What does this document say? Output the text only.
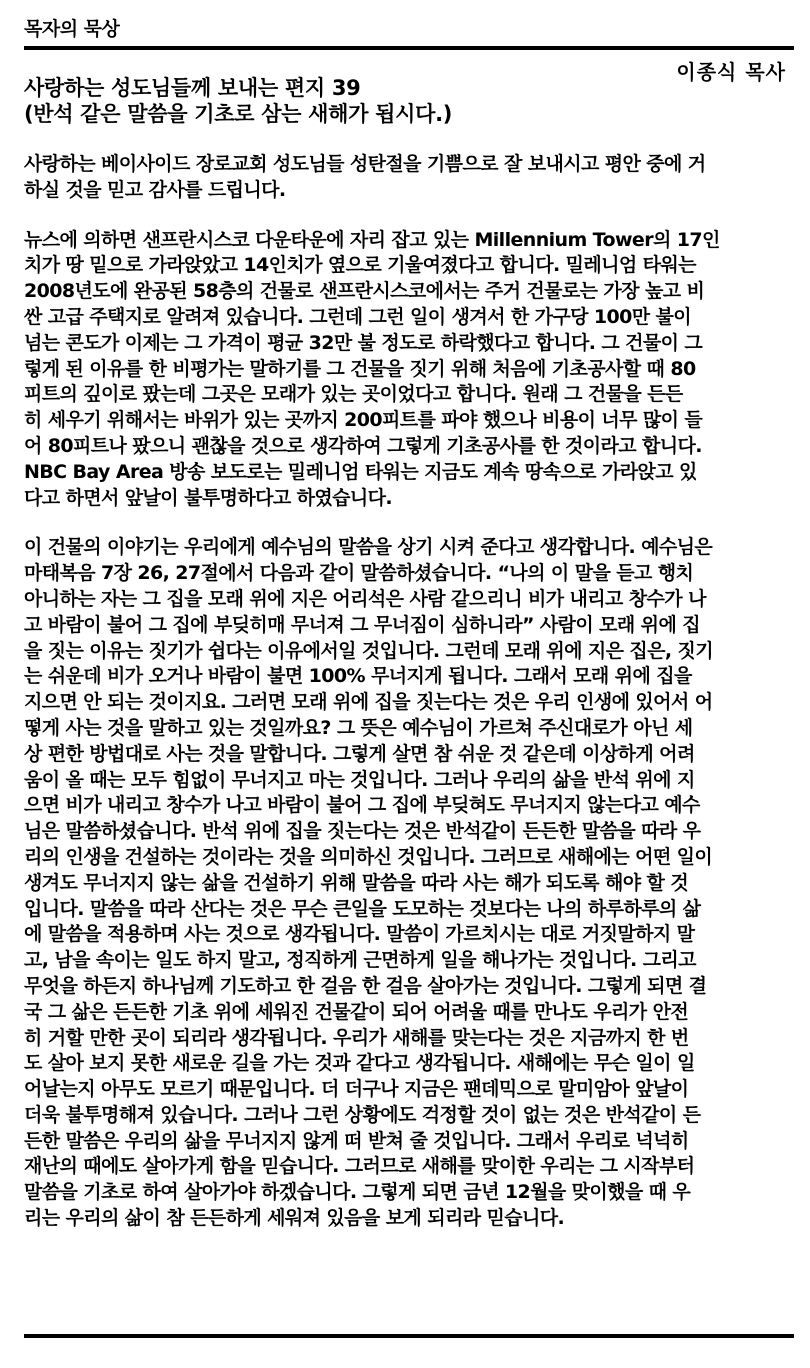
목자의 묵상
이종식 목사
사랑하는 성도님들께 보내는 편지 39
(반석 같은 말씀을 기초로 삼는 새해가 됩시다.)
사랑하는 베이사이드 장로교회 성도님들 성탄절을 기쁨으로 잘 보내시고 평안 중에 거
하실 것을 믿고 감사를 드립니다.
뉴스에 의하면 샌프란시스코 다운타운에 자리 잡고 있는 Millennium Tower의 17인
치가 땅 밑으로 가라앉았고 14인치가 옆으로 기울여졌다고 합니다. 밀레니엄 타워는
2008년도에 완공된 58층의 건물로 샌프란시스코에서는 주거 건물로는 가장 높고 비
싼 고급 주택지로 알려져 있습니다. 그런데 그런 일이 생겨서 한 가구당 100만 불이
넘는 콘도가 이제는 그 가격이 평균 32만 불 정도로 하락했다고 합니다. 그 건물이 그
렇게 된 이유를 한 비평가는 말하기를 그 건물을 짓기 위해 처음에 기초공사할 때 80
피트의 깊이로 팠는데 그곳은 모래가 있는 곳이었다고 합니다. 원래 그 건물을 든든
히 세우기 위해서는 바위가 있는 곳까지 200피트를 파야 했으나 비용이 너무 많이 들
어 80피트나 팠으니 괜찮을 것으로 생각하여 그렇게 기초공사를 한 것이라고 합니다.
NBC Bay Area 방송 보도로는 밀레니엄 타워는 지금도 계속 땅속으로 가라앉고 있
다고 하면서 앞날이 불투명하다고 하였습니다.
이 건물의 이야기는 우리에게 예수님의 말씀을 상기 시켜 준다고 생각합니다. 예수님은
마태복음 7장 26, 27절에서 다음과 같이 말씀하셨습니다. “나의 이 말을 듣고 행치
아니하는 자는 그 집을 모래 위에 지은 어리석은 사람 같으리니 비가 내리고 창수가 나
고 바람이 불어 그 집에 부딪히매 무너져 그 무너짐이 심하니라” 사람이 모래 위에 집
을 짓는 이유는 짓기가 쉽다는 이유에서일 것입니다. 그런데 모래 위에 지은 집은, 짓기
는 쉬운데 비가 오거나 바람이 불면 100% 무너지게 됩니다. 그래서 모래 위에 집을
지으면 안 되는 것이지요. 그러면 모래 위에 집을 짓는다는 것은 우리 인생에 있어서 어
떻게 사는 것을 말하고 있는 것일까요? 그 뜻은 예수님이 가르쳐 주신대로가 아닌 세
상 편한 방법대로 사는 것을 말합니다. 그렇게 살면 참 쉬운 것 같은데 이상하게 어려
움이 올 때는 모두 힘없이 무너지고 마는 것입니다. 그러나 우리의 삶을 반석 위에 지
으면 비가 내리고 창수가 나고 바람이 불어 그 집에 부딪혀도 무너지지 않는다고 예수
님은 말씀하셨습니다. 반석 위에 집을 짓는다는 것은 반석같이 든든한 말씀을 따라 우
리의 인생을 건설하는 것이라는 것을 의미하신 것입니다. 그러므로 새해에는 어떤 일이
생겨도 무너지지 않는 삶을 건설하기 위해 말씀을 따라 사는 해가 되도록 해야 할 것
입니다. 말씀을 따라 산다는 것은 무슨 큰일을 도모하는 것보다는 나의 하루하루의 삶
에 말씀을 적용하며 사는 것으로 생각됩니다. 말씀이 가르치시는 대로 거짓말하지 말
고, 남을 속이는 일도 하지 말고, 정직하게 근면하게 일을 해나가는 것입니다. 그리고
무엇을 하든지 하나님께 기도하고 한 걸음 한 걸음 살아가는 것입니다. 그렇게 되면 결
국 그 삶은 든든한 기초 위에 세워진 건물같이 되어 어려울 때를 만나도 우리가 안전
히 거할 만한 곳이 되리라 생각됩니다. 우리가 새해를 맞는다는 것은 지금까지 한 번
도 살아 보지 못한 새로운 길을 가는 것과 같다고 생각됩니다. 새해에는 무슨 일이 일
어날는지 아무도 모르기 때문입니다. 더 더구나 지금은 팬데믹으로 말미암아 앞날이
더욱 불투명해져 있습니다. 그러나 그런 상황에도 걱정할 것이 없는 것은 반석같이 든
든한 말씀은 우리의 삶을 무너지지 않게 떠 받쳐 줄 것입니다. 그래서 우리로 넉넉히
재난의 때에도 살아가게 함을 믿습니다. 그러므로 새해를 맞이한 우리는 그 시작부터
말씀을 기초로 하여 살아가야 하겠습니다. 그렇게 되면 금년 12월을 맞이했을 때 우
리는 우리의 삶이 참 든든하게 세워져 있음을 보게 되리라 믿습니다.
